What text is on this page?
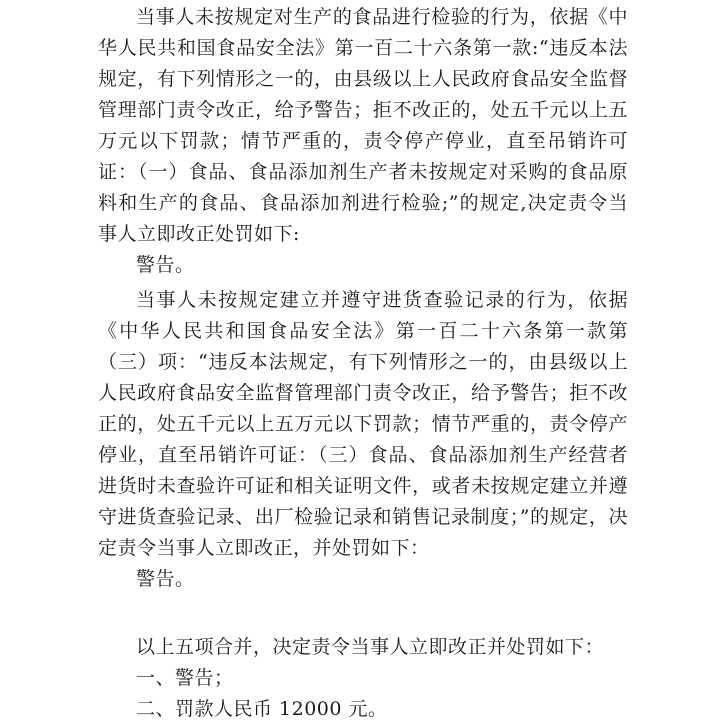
当事人未按规定对生产的食品进行检验的行为，依据《中华人民共和国食品安全法》第一百二十六条第一款:“违反本法规定，有下列情形之一的，由县级以上人民政府食品安全监督管理部门责令改正，给予警告；拒不改正的，处五千元以上五万元以下罚款；情节严重的，责令停产停业，直至吊销许可证：（一）食品、食品添加剂生产者未按规定对采购的食品原料和生产的食品、食品添加剂进行检验;”的规定,决定责令当事人立即改正处罚如下:

警告。

当事人未按规定建立并遵守进货查验记录的行为，依据《中华人民共和国食品安全法》第一百二十六条第一款第（三）项：“违反本法规定，有下列情形之一的，由县级以上人民政府食品安全监督管理部门责令改正，给予警告；拒不改正的，处五千元以上五万元以下罚款；情节严重的，责令停产停业，直至吊销许可证：（三）食品、食品添加剂生产经营者进货时未查验许可证和相关证明文件，或者未按规定建立并遵守进货查验记录、出厂检验记录和销售记录制度；”的规定，决定责令当事人立即改正，并处罚如下：

警告。

以上五项合并，决定责令当事人立即改正并处罚如下：

一、警告；

二、罚款人民币 12000 元。
